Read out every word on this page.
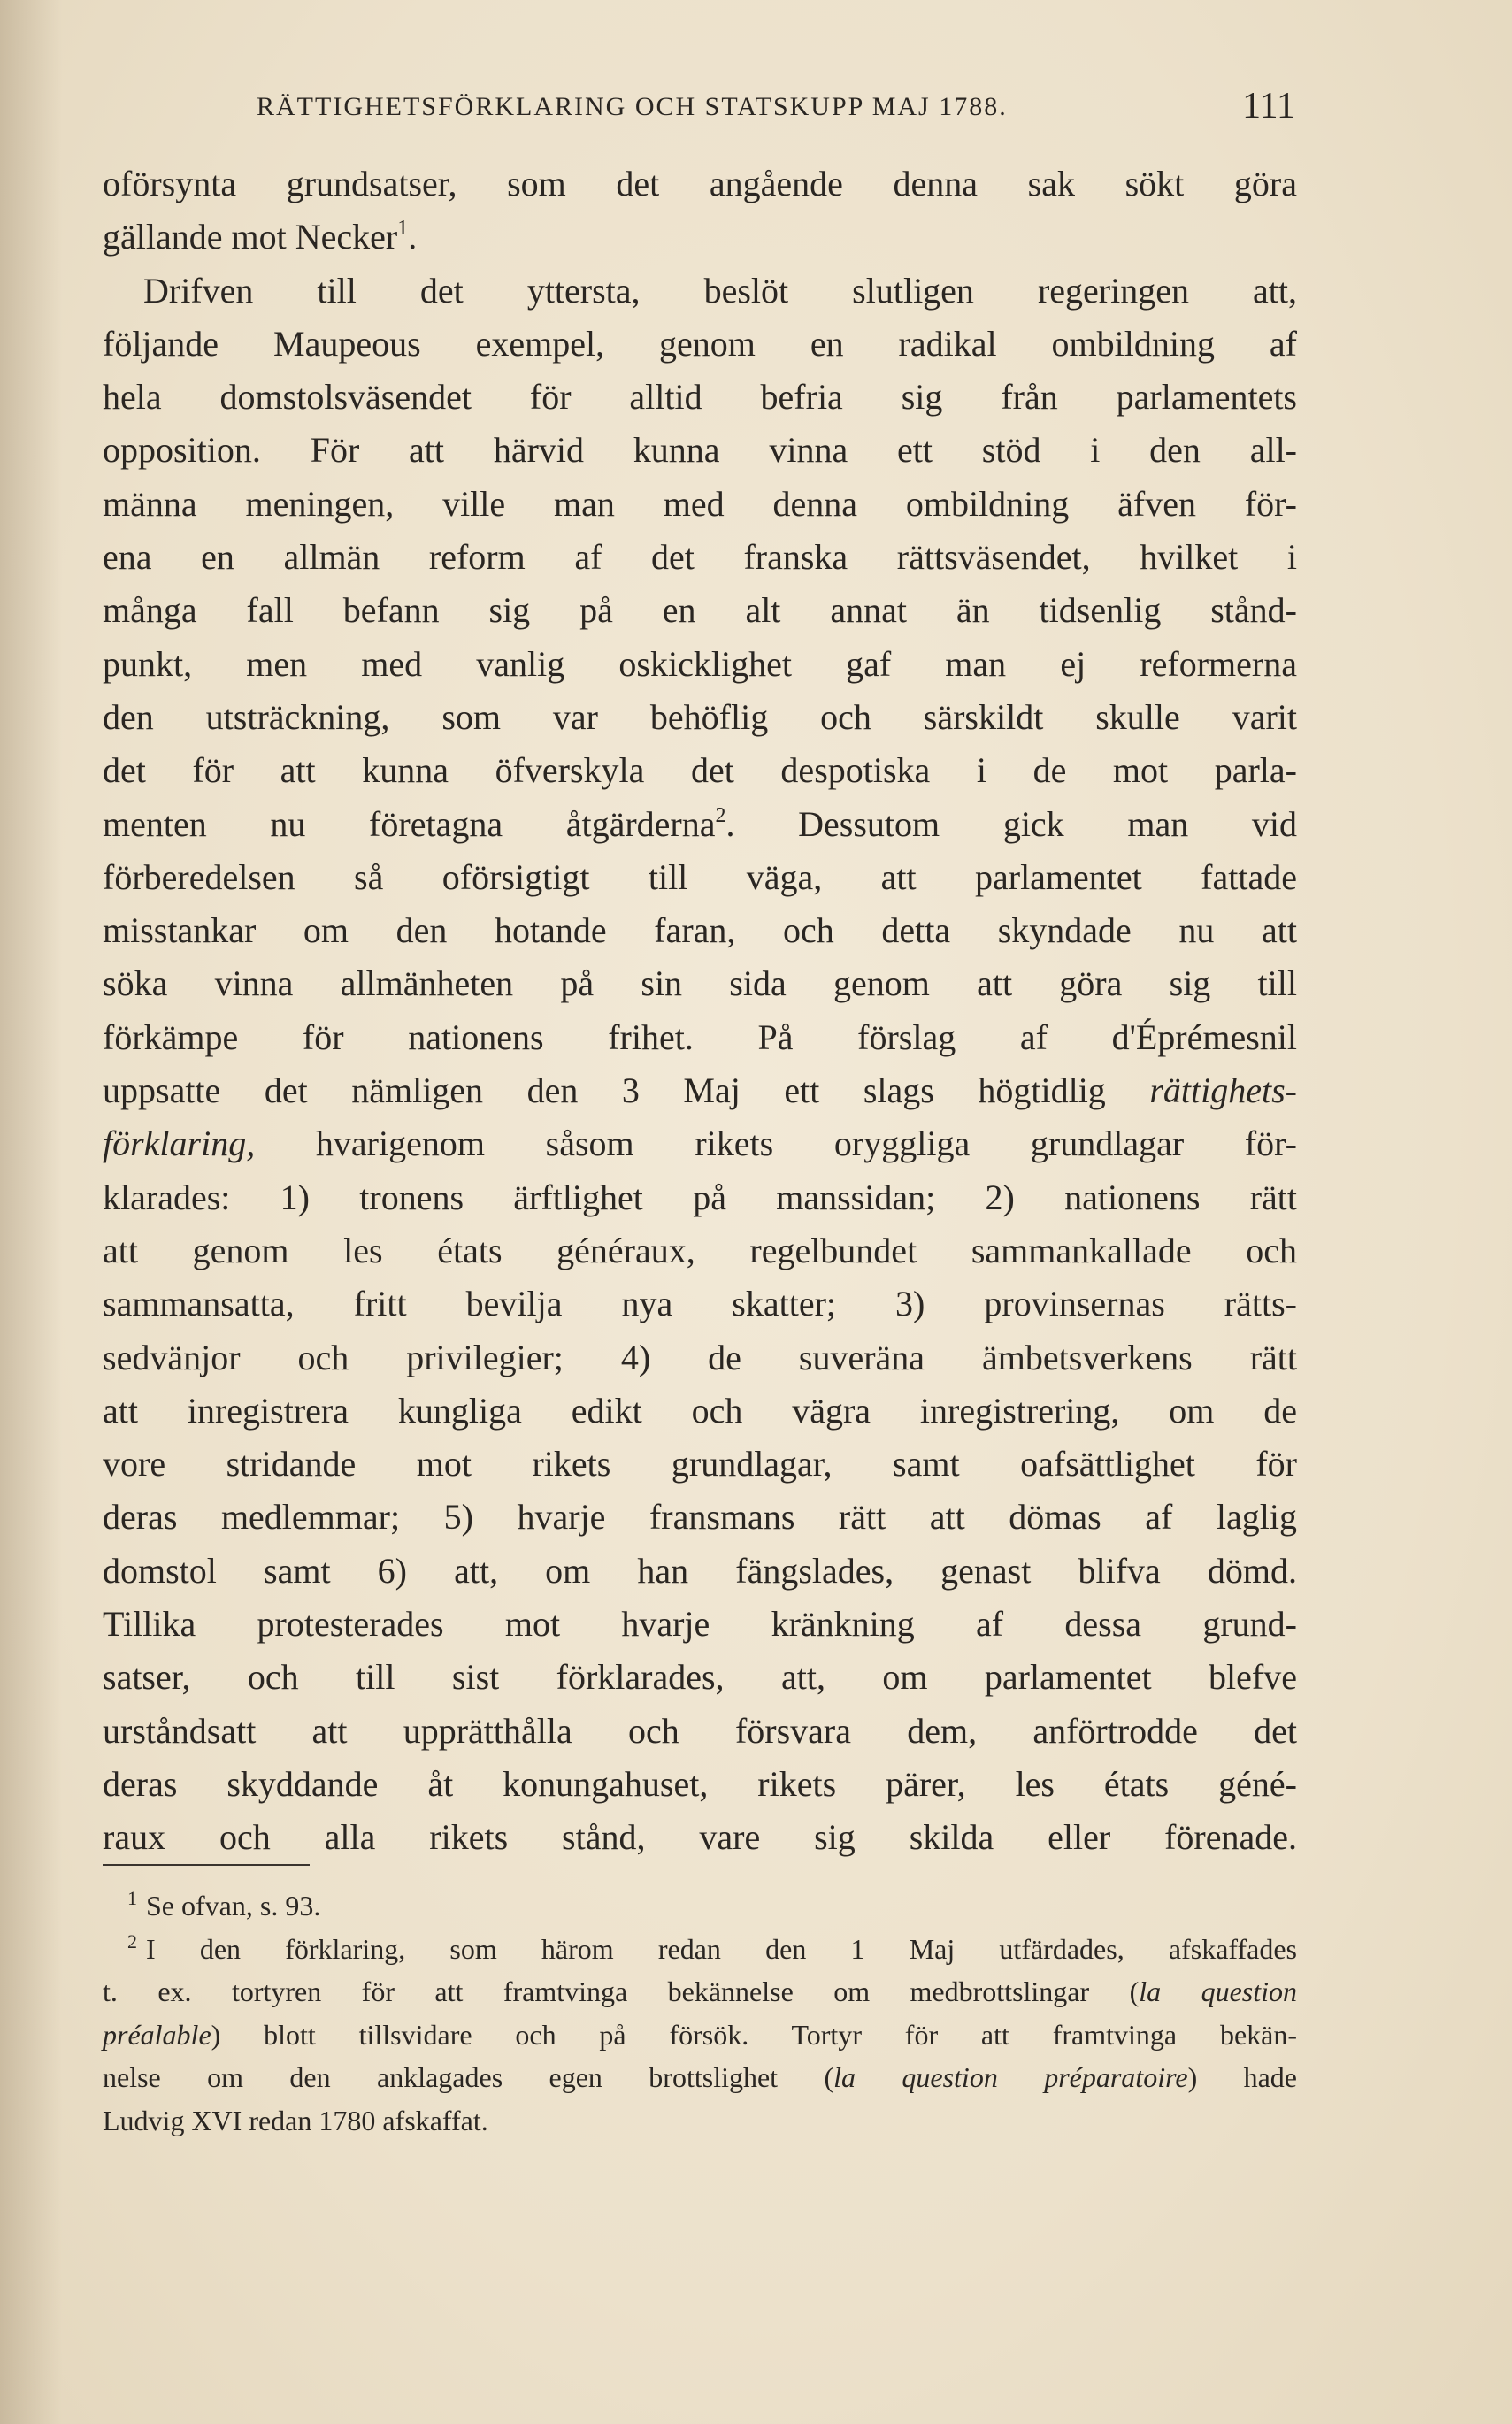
RÄTTIGHETSFÖRKLARING OCH STATSKUPP MAJ 1788.	111
oförsynta grundsatser, som det angående denna sak sökt göra
gällande mot Necker$^1$.
Drifven till det yttersta, beslöt slutligen regeringen att,
följande Maupeous exempel, genom en radikal ombildning af
hela domstolsväsendet för alltid befria sig från parlamentets
opposition. För att härvid kunna vinna ett stöd i den all-
männa meningen, ville man med denna ombildning äfven för-
ena en allmän reform af det franska rättsväsendet, hvilket i
många fall befann sig på en alt annat än tidsenlig stånd-
punkt, men med vanlig oskicklighet gaf man ej reformerna
den utsträckning, som var behöflig och särskildt skulle varit
det för att kunna öfverskyla det despotiska i de mot parla-
menten nu företagna åtgärderna$^2$. Dessutom gick man vid
förberedelsen så oförsigtigt till väga, att parlamentet fattade
misstankar om den hotande faran, och detta skyndade nu att
söka vinna allmänheten på sin sida genom att göra sig till
förkämpe för nationens frihet. På förslag af d'Éprémesnil
uppsatte det nämligen den 3 Maj ett slags högtidlig rättighets-
förklaring, hvarigenom såsom rikets oryggliga grundlagar för-
klarades: 1) tronens ärftlighet på manssidan; 2) nationens rätt
att genom les états généraux, regelbundet sammankallade och
sammansatta, fritt bevilja nya skatter; 3) provinsernas rätts-
sedvänjor och privilegier; 4) de suveräna ämbetsverkens rätt
att inregistrera kungliga edikt och vägra inregistrering, om de
vore stridande mot rikets grundlagar, samt oafsättlighet för
deras medlemmar; 5) hvarje fransmans rätt att dömas af laglig
domstol samt 6) att, om han fängslades, genast blifva dömd.
Tillika protesterades mot hvarje kränkning af dessa grund-
satser, och till sist förklarades, att, om parlamentet blefve
urståndsatt att upprätthålla och försvara dem, anförtrodde det
deras skyddande åt konungahuset, rikets pärer, les états géné-
raux och alla rikets stånd, vare sig skilda eller förenade.
$^1$ Se ofvan, s. 93.
$^2$ I den förklaring, som härom redan den 1 Maj utfärdades, afskaffades
t. ex. tortyren för att framtvinga bekännelse om medbrottslingar (la question
préalable) blott tillsvidare och på försök. Tortyr för att framtvinga bekän-
nelse om den anklagades egen brottslighet (la question préparatoire) hade
Ludvig XVI redan 1780 afskaffat.
